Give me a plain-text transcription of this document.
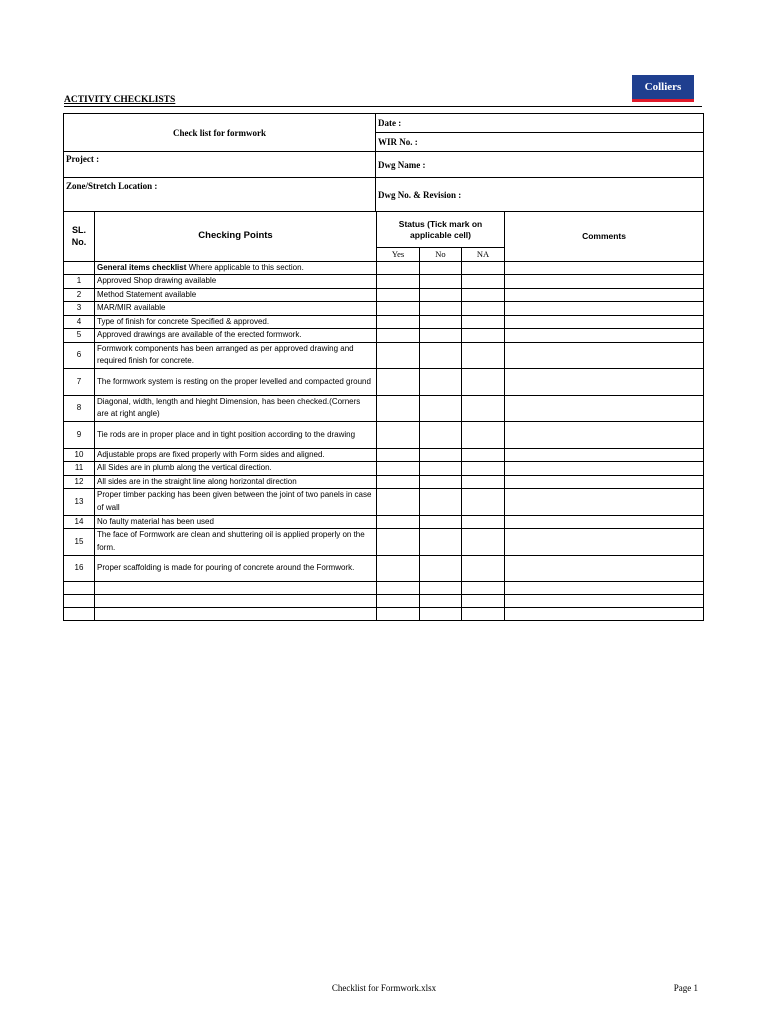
Colliers
ACTIVITY CHECKLISTS
Check list for formwork	Date :
	WIR No. :
Project :	Dwg Name :
Zone/Stretch Location :	Dwg No. & Revision :
SL. No.	Checking Points	Status (Tick mark on applicable cell)			Comments
		Yes	No	NA	
	General items checklist Where applicable to this section.				
1	Approved Shop drawing available				
2	Method Statement available				
3	MAR/MIR available				
4	Type of finish for concrete Specified & approved.				
5	Approved drawings are available of the erected formwork.				
6	Formwork components has been arranged as per approved drawing and required finish for concrete.				
7	The formwork system is resting on the proper levelled and compacted ground				
8	Diagonal, width, length and hieght Dimension, has been checked.(Corners are at right angle)				
9	Tie rods are in proper place and in tight position according to the drawing				
10	Adjustable props are fixed properly with Form sides and aligned.				
11	All Sides are in plumb along the vertical direction.				
12	All sides are in the straight line along horizontal direction				
13	Proper timber packing has been given between the joint of two panels in case of wall				
14	No faulty material has been used				
15	The face of Formwork are clean and shuttering oil is applied properly on the form.				
16	Proper scaffolding is made for pouring of concrete around the Formwork.				

Checklist for Formwork.xlsx	Page 1
